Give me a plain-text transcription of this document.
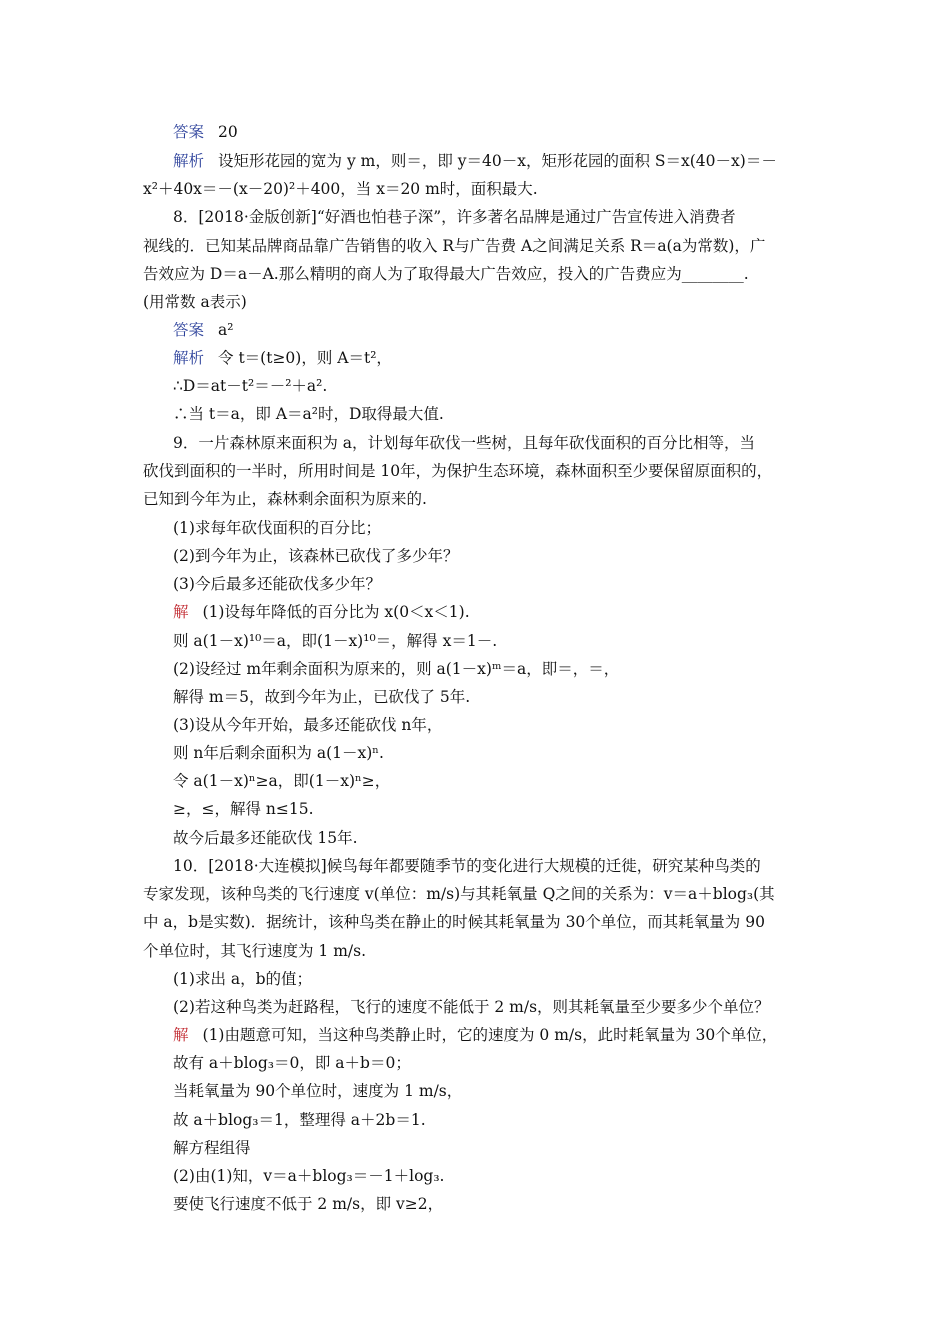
答案 20
解析 设矩形花园的宽为 y m，则＝，即 y＝40－x，矩形花园的面积 S＝x(40－x)＝－
x²＋40x＝－(x－20)²＋400，当 x＝20 m时，面积最大.
8．[2018·金版创新]“好酒也怕巷子深”，许多著名品牌是通过广告宣传进入消费者
视线的．已知某品牌商品靠广告销售的收入 R与广告费 A之间满足关系 R＝a(a为常数)，广
告效应为 D＝a－A.那么精明的商人为了取得最大广告效应，投入的广告费应为________.
(用常数 a表示)
答案 a²
解析 令 t＝(t≥0)，则 A＝t²，
∴D＝at－t²＝－²＋a².
∴当 t＝a，即 A＝a²时，D取得最大值.
9．一片森林原来面积为 a，计划每年砍伐一些树，且每年砍伐面积的百分比相等，当
砍伐到面积的一半时，所用时间是 10年，为保护生态环境，森林面积至少要保留原面积的，
已知到今年为止，森林剩余面积为原来的.
(1)求每年砍伐面积的百分比；
(2)到今年为止，该森林已砍伐了多少年？
(3)今后最多还能砍伐多少年？
解 (1)设每年降低的百分比为 x(0＜x＜1).
则 a(1－x)¹⁰＝a，即(1－x)¹⁰＝，解得 x＝1－.
(2)设经过 m年剩余面积为原来的，则 a(1－x)ᵐ＝a，即＝，＝，
解得 m＝5，故到今年为止，已砍伐了 5年.
(3)设从今年开始，最多还能砍伐 n年，
则 n年后剩余面积为 a(1－x)ⁿ.
令 a(1－x)ⁿ≥a，即(1－x)ⁿ≥，
≥，≤，解得 n≤15.
故今后最多还能砍伐 15年.
10．[2018·大连模拟]候鸟每年都要随季节的变化进行大规模的迁徙，研究某种鸟类的
专家发现，该种鸟类的飞行速度 v(单位：m/s)与其耗氧量 Q之间的关系为：v＝a＋blog₃(其
中 a，b是实数)．据统计，该种鸟类在静止的时候其耗氧量为 30个单位，而其耗氧量为 90
个单位时，其飞行速度为 1 m/s.
(1)求出 a，b的值；
(2)若这种鸟类为赶路程，飞行的速度不能低于 2 m/s，则其耗氧量至少要多少个单位？
解 (1)由题意可知，当这种鸟类静止时，它的速度为 0 m/s，此时耗氧量为 30个单位，
故有 a＋blog₃＝0，即 a＋b＝0；
当耗氧量为 90个单位时，速度为 1 m/s，
故 a＋blog₃＝1，整理得 a＋2b＝1.
解方程组得
(2)由(1)知，v＝a＋blog₃＝－1＋log₃.
要使飞行速度不低于 2 m/s，即 v≥2，
